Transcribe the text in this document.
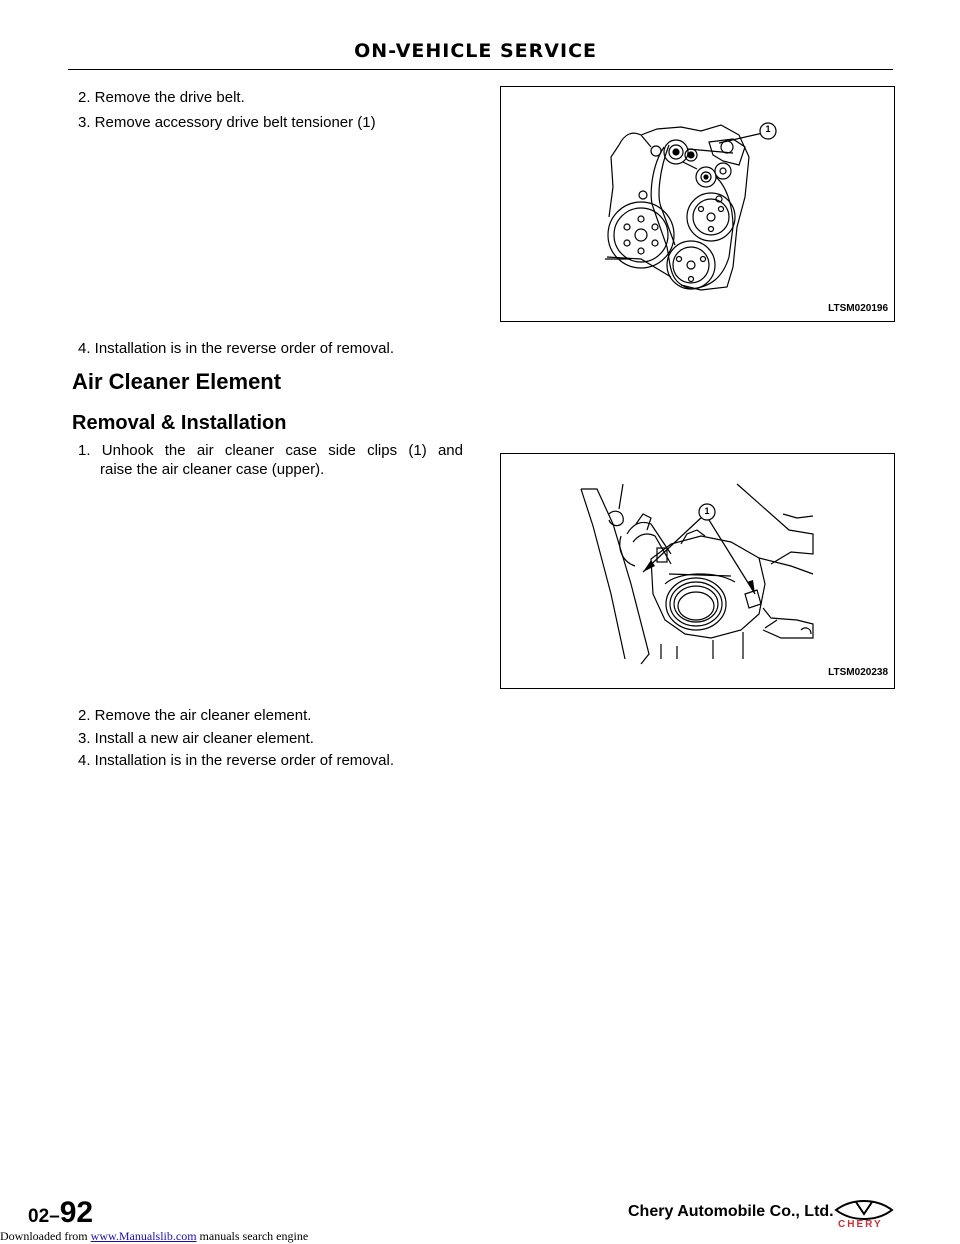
ON-VEHICLE SERVICE
2. Remove the drive belt.
3. Remove accessory drive belt tensioner (1)
4. Installation is in the reverse order of removal.
1
LTSM020196
Air Cleaner Element
Removal & Installation
1. Unhook the air cleaner case side clips (1) and
raise the air cleaner case (upper).
2. Remove the air cleaner element.
3. Install a new air cleaner element.
4. Installation is in the reverse order of removal.
1
LTSM020238
02–92	Chery Automobile Co., Ltd.
CHERY
Downloaded from www.Manualslib.com manuals search engine
